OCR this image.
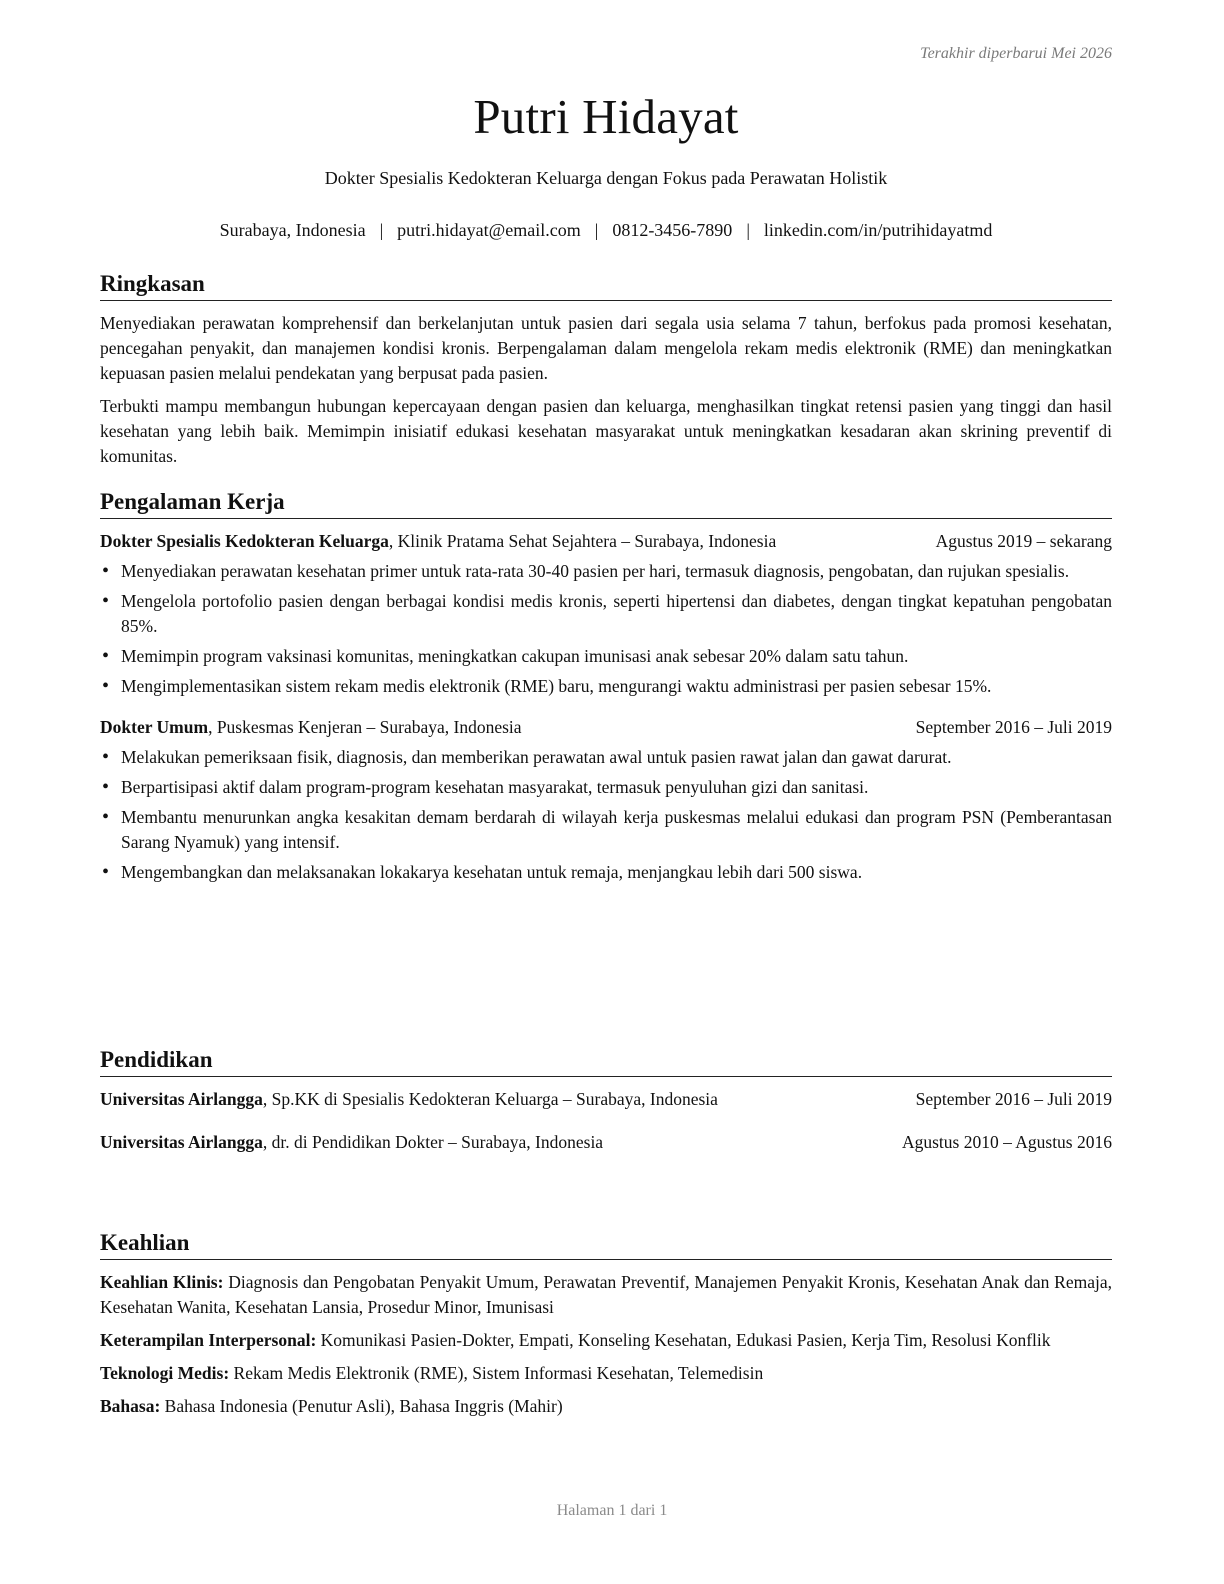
Terakhir diperbarui Mei 2026
Putri Hidayat
Dokter Spesialis Kedokteran Keluarga dengan Fokus pada Perawatan Holistik
Surabaya, Indonesia | putri.hidayat@email.com | 0812-3456-7890 | linkedin.com/in/putrihidayatmd
Ringkasan

Menyediakan perawatan komprehensif dan berkelanjutan untuk pasien dari segala usia selama 7 tahun, berfokus pada promosi kesehatan, pencegahan penyakit, dan manajemen kondisi kronis. Berpengalaman dalam mengelola rekam medis elektronik (RME) dan meningkatkan kepuasan pasien melalui pendekatan yang berpusat pada pasien.

Terbukti mampu membangun hubungan kepercayaan dengan pasien dan keluarga, menghasilkan tingkat retensi pasien yang tinggi dan hasil kesehatan yang lebih baik. Memimpin inisiatif edukasi kesehatan masyarakat untuk meningkatkan kesadaran akan skrining preventif di komunitas.

Pengalaman Kerja
Dokter Spesialis Kedokteran Keluarga, Klinik Pratama Sehat Sejahtera – Surabaya, Indonesia	Agustus 2019 – sekarang
• Menyediakan perawatan kesehatan primer untuk rata-rata 30-40 pasien per hari, termasuk diagnosis, pengobatan, dan rujukan spesialis.
• Mengelola portofolio pasien dengan berbagai kondisi medis kronis, seperti hipertensi dan diabetes, dengan tingkat kepatuhan pengobatan 85%.
• Memimpin program vaksinasi komunitas, meningkatkan cakupan imunisasi anak sebesar 20% dalam satu tahun.
• Mengimplementasikan sistem rekam medis elektronik (RME) baru, mengurangi waktu administrasi per pasien sebesar 15%.
Dokter Umum, Puskesmas Kenjeran – Surabaya, Indonesia	September 2016 – Juli 2019
• Melakukan pemeriksaan fisik, diagnosis, dan memberikan perawatan awal untuk pasien rawat jalan dan gawat darurat.
• Berpartisipasi aktif dalam program-program kesehatan masyarakat, termasuk penyuluhan gizi dan sanitasi.
• Membantu menurunkan angka kesakitan demam berdarah di wilayah kerja puskesmas melalui edukasi dan program PSN (Pemberantasan Sarang Nyamuk) yang intensif.
• Mengembangkan dan melaksanakan lokakarya kesehatan untuk remaja, menjangkau lebih dari 500 siswa.
Pendidikan
Universitas Airlangga, Sp.KK di Spesialis Kedokteran Keluarga – Surabaya, Indonesia	September 2016 – Juli 2019
Universitas Airlangga, dr. di Pendidikan Dokter – Surabaya, Indonesia	Agustus 2010 – Agustus 2016
Keahlian
Keahlian Klinis: Diagnosis dan Pengobatan Penyakit Umum, Perawatan Preventif, Manajemen Penyakit Kronis, Kesehatan Anak dan Remaja, Kesehatan Wanita, Kesehatan Lansia, Prosedur Minor, Imunisasi
Keterampilan Interpersonal: Komunikasi Pasien-Dokter, Empati, Konseling Kesehatan, Edukasi Pasien, Kerja Tim, Resolusi Konflik
Teknologi Medis: Rekam Medis Elektronik (RME), Sistem Informasi Kesehatan, Telemedisin
Bahasa: Bahasa Indonesia (Penutur Asli), Bahasa Inggris (Mahir)
Halaman 1 dari 1
